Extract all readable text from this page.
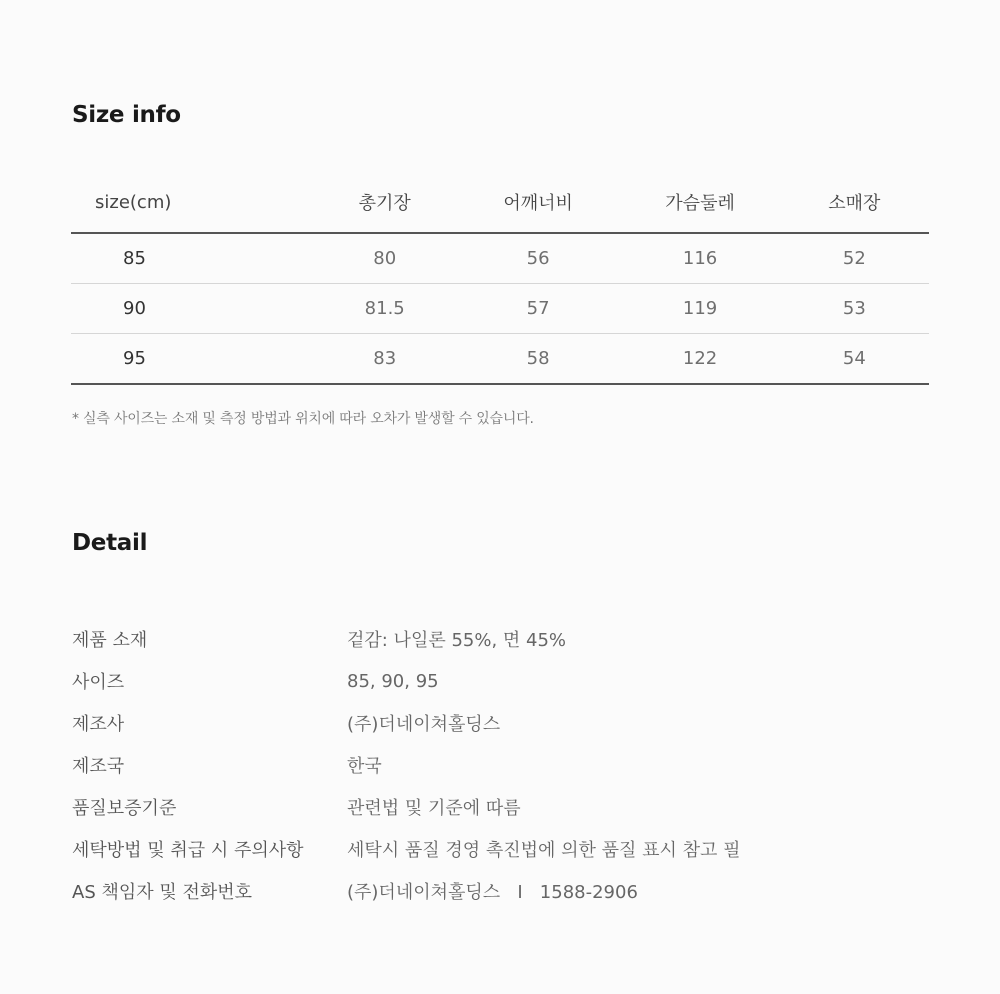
Size info
size(cm)	총기장	어깨너비	가슴둘레	소매장
85	80	56	116	52
90	81.5	57	119	53
95	83	58	122	54
* 실측 사이즈는 소재 및 측정 방법과 위치에 따라 오차가 발생할 수 있습니다.
Detail
제품 소재	겉감: 나일론 55%, 면 45%
사이즈	85, 90, 95
제조사	(주)더네이쳐홀딩스
제조국	한국
품질보증기준	관련법 및 기준에 따름
세탁방법 및 취급 시 주의사항	세탁시 품질 경영 촉진법에 의한 품질 표시 참고 필
AS 책임자 및 전화번호	(주)더네이쳐홀딩스   I   1588-2906
